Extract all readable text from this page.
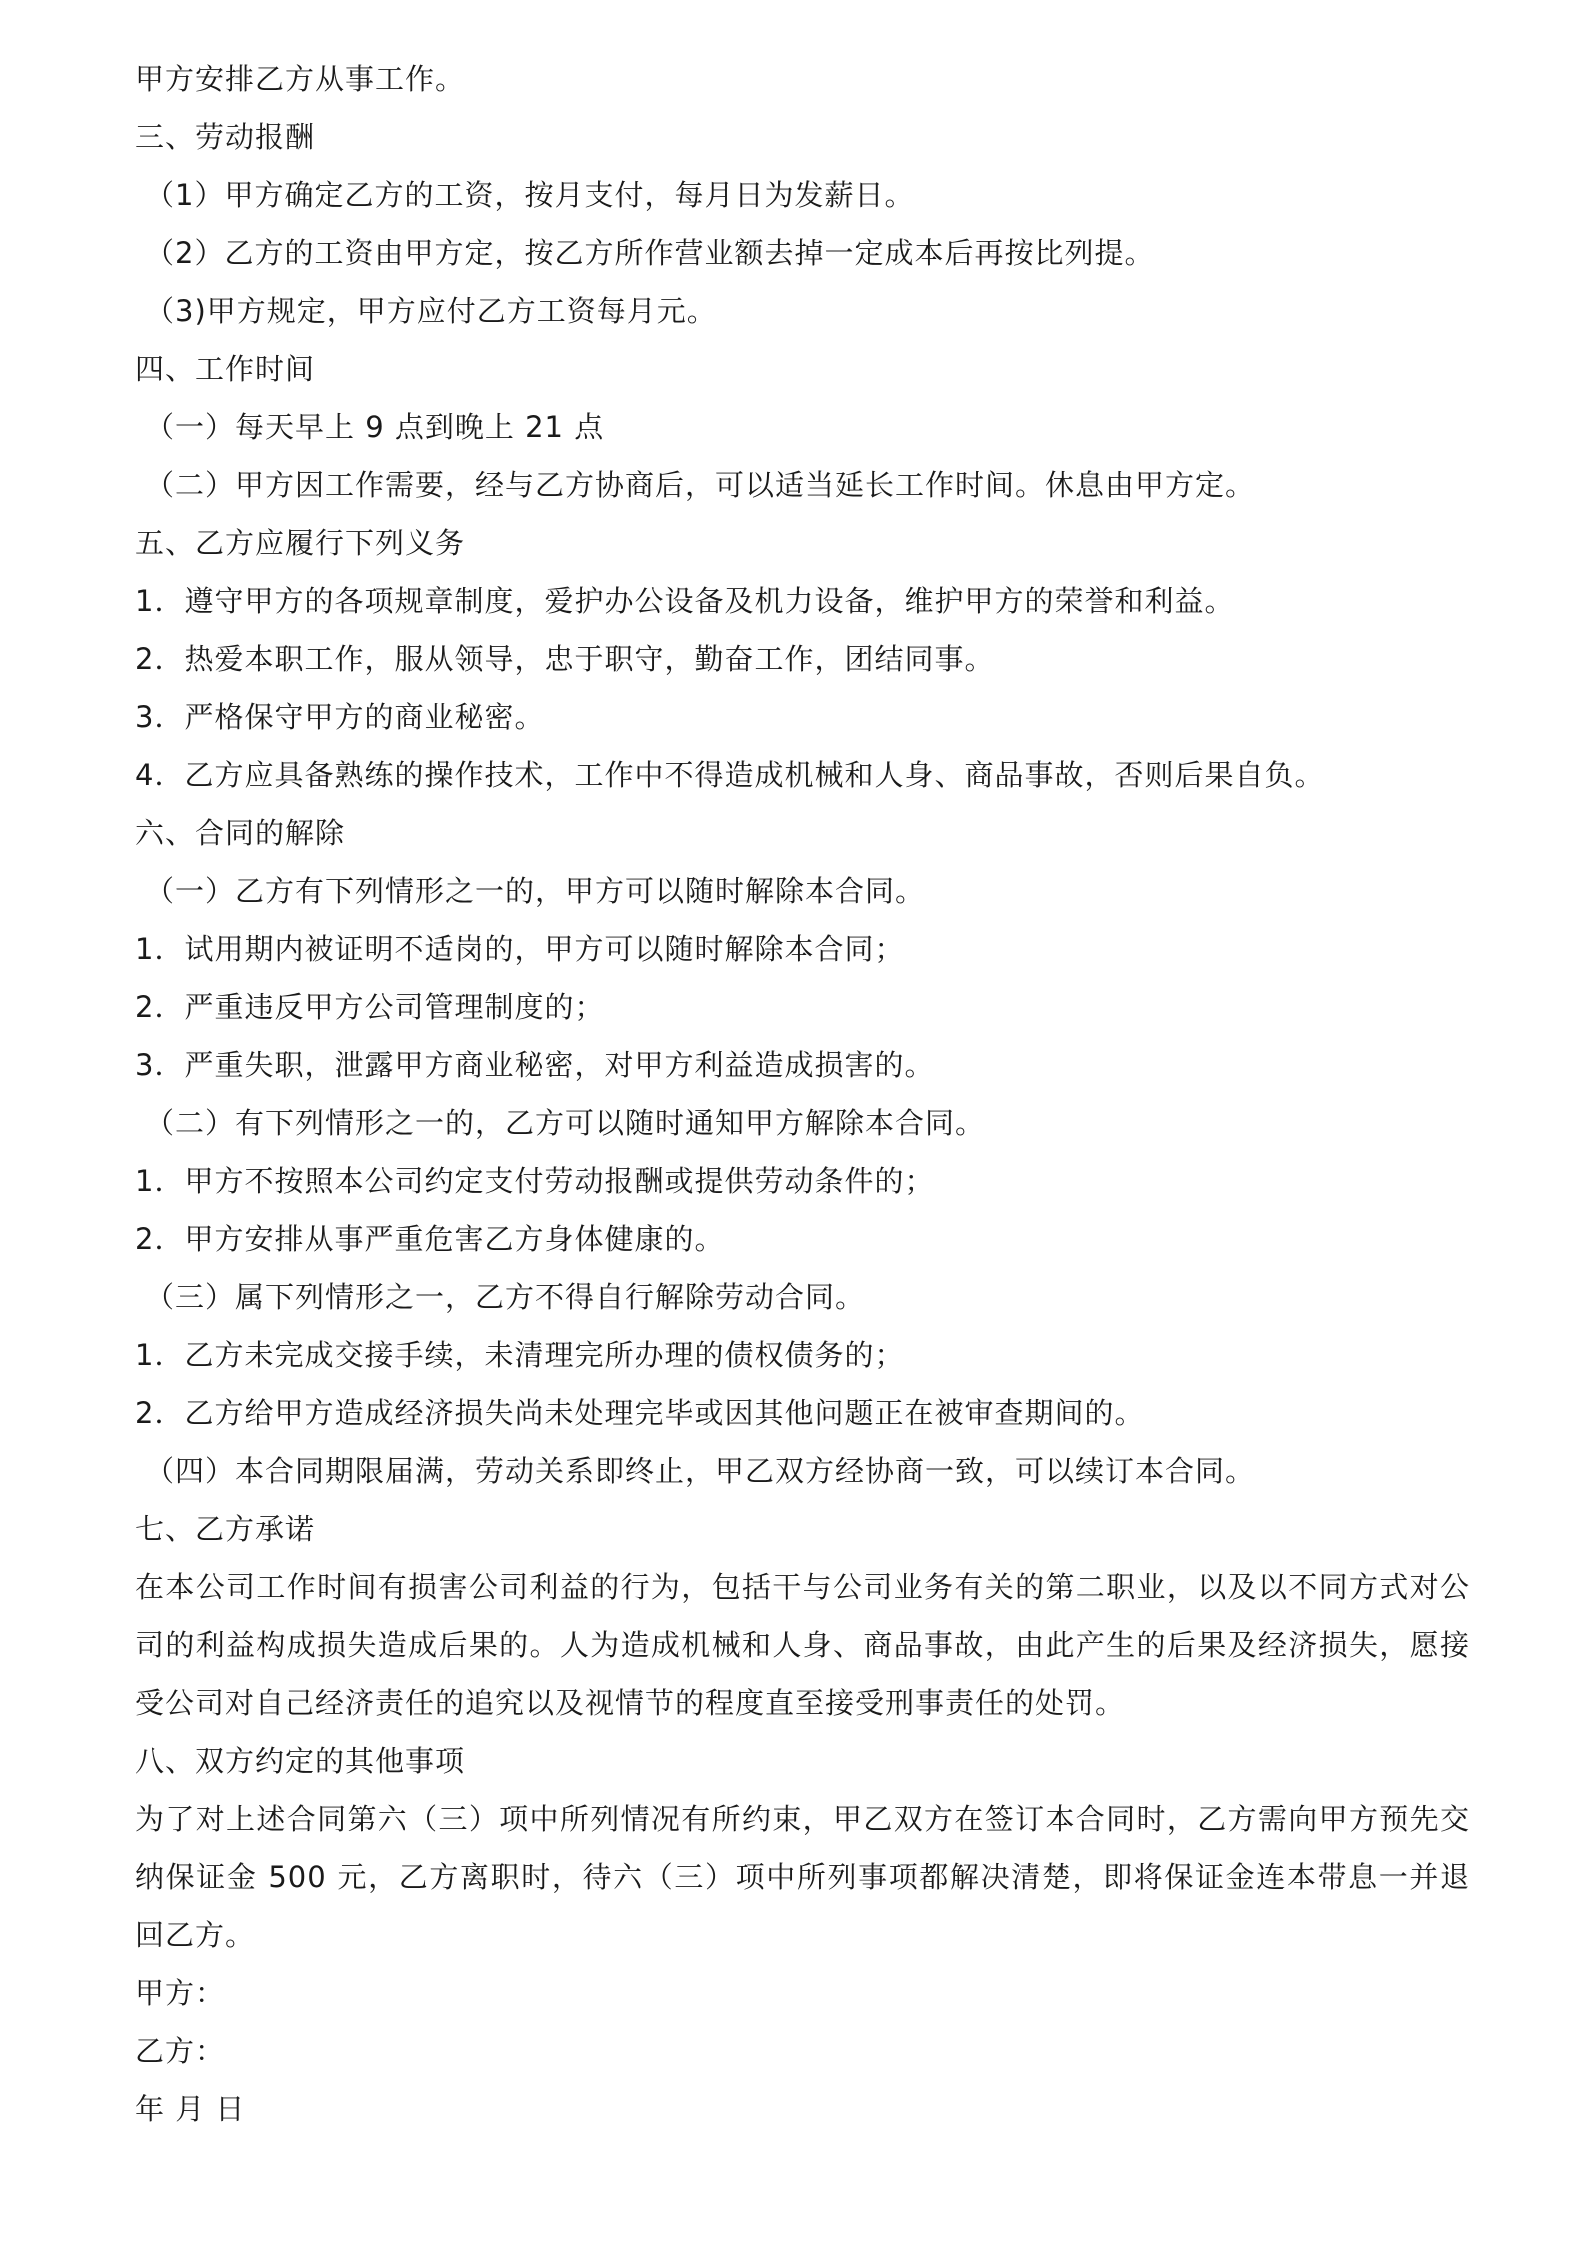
甲方安排乙方从事工作。
三、劳动报酬
（1）甲方确定乙方的工资，按月支付，每月日为发薪日。
（2）乙方的工资由甲方定，按乙方所作营业额去掉一定成本后再按比列提。
（3)甲方规定，甲方应付乙方工资每月元。
四、工作时间
（一）每天早上 9 点到晚上 21 点
（二）甲方因工作需要，经与乙方协商后，可以适当延长工作时间。休息由甲方定。
五、乙方应履行下列义务
1．遵守甲方的各项规章制度，爱护办公设备及机力设备，维护甲方的荣誉和利益。
2．热爱本职工作，服从领导，忠于职守，勤奋工作，团结同事。
3．严格保守甲方的商业秘密。
4．乙方应具备熟练的操作技术，工作中不得造成机械和人身、商品事故，否则后果自负。
六、合同的解除
（一）乙方有下列情形之一的，甲方可以随时解除本合同。
1．试用期内被证明不适岗的，甲方可以随时解除本合同；
2．严重违反甲方公司管理制度的；
3．严重失职，泄露甲方商业秘密，对甲方利益造成损害的。
（二）有下列情形之一的，乙方可以随时通知甲方解除本合同。
1．甲方不按照本公司约定支付劳动报酬或提供劳动条件的；
2．甲方安排从事严重危害乙方身体健康的。
（三）属下列情形之一，乙方不得自行解除劳动合同。
1．乙方未完成交接手续，未清理完所办理的债权债务的；
2．乙方给甲方造成经济损失尚未处理完毕或因其他问题正在被审查期间的。
（四）本合同期限届满，劳动关系即终止，甲乙双方经协商一致，可以续订本合同。
七、乙方承诺
在本公司工作时间有损害公司利益的行为，包括干与公司业务有关的第二职业，以及以不同方式对公司的利益构成损失造成后果的。人为造成机械和人身、商品事故，由此产生的后果及经济损失，愿接受公司对自己经济责任的追究以及视情节的程度直至接受刑事责任的处罚。
八、双方约定的其他事项
为了对上述合同第六（三）项中所列情况有所约束，甲乙双方在签订本合同时，乙方需向甲方预先交纳保证金 500 元，乙方离职时，待六（三）项中所列事项都解决清楚，即将保证金连本带息一并退回乙方。
甲方：
乙方：
年 月 日
